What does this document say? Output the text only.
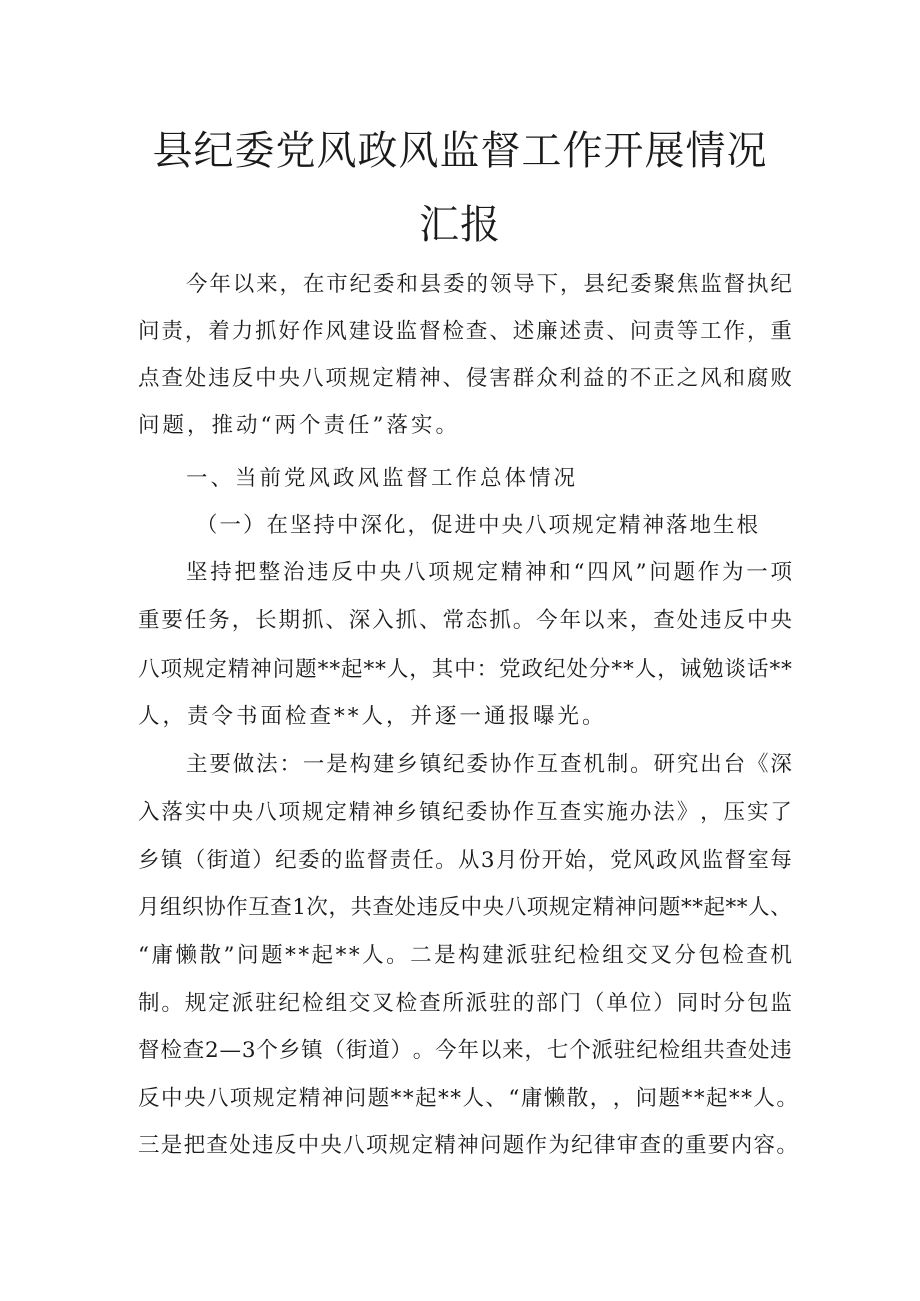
县纪委党风政风监督工作开展情况
汇报

今 年 以 来 ， 在 市 纪 委 和 县 委 的 领 导 下 ， 县 纪 委 聚 焦 监 督 执 纪

问 责 ， 着 力 抓 好 作 风 建 设 监 督 检 查 、 述 廉 述 责 、 问 责 等 工 作 ， 重

点 查 处 违 反 中 央 八 项 规 定 精 神 、 侵 害 群 众 利 益 的 不 正 之 风 和 腐 败

问题，推动“两个责任”落实。

一、当前党风政风监督工作总体情况

（一）在坚持中深化，促进中央八项规定精神落地生根

坚 持 把 整 治 违 反 中 央 八 项 规 定 精 神 和 “ 四 风 ” 问 题 作 为 一 项

重 要 任 务 ， 长 期 抓 、 深 入 抓 、 常 态 抓 。 今 年 以 来 ， 查 处 违 反 中 央

八 项 规 定 精 神 问 题 * * 起 * * 人 ， 其 中 ： 党 政 纪 处 分 * * 人 ， 诫 勉 谈 话 * *

人，责令书面检查**人，并逐一通报曝光。

主 要 做 法 ： 一 是 构 建 乡 镇 纪 委 协 作 互 查 机 制 。 研 究 出 台 《 深

入 落 实 中 央 八 项 规 定 精 神 乡 镇 纪 委 协 作 互 查 实 施 办 法 》 ， 压 实 了

乡 镇 （ 街 道 ） 纪 委 的 监 督 责 任 。 从 3 月 份 开 始 ， 党 风 政 风 监 督 室 每

月 组 织 协 作 互 查 1 次 ， 共 查 处 违 反 中 央 八 项 规 定 精 神 问 题 * * 起 * * 人 、

“ 庸 懒 散 ” 问 题 * * 起 * * 人 。 二 是 构 建 派 驻 纪 检 组 交 叉 分 包 检 查 机

制 。 规 定 派 驻 纪 检 组 交 叉 检 查 所 派 驻 的 部 门 （ 单 位 ） 同 时 分 包 监

督 检 查 2 — 3 个 乡 镇 （ 街 道 ） 。 今 年 以 来 ， 七 个 派 驻 纪 检 组 共 查 处 违

反 中 央 八 项 规 定 精 神 问 题 * * 起 * * 人 、 “ 庸 懒 散 ， ， 问 题 * * 起 * * 人 。

三 是 把 查 处 违 反 中 央 八 项 规 定 精 神 问 题 作 为 纪 律 审 查 的 重 要 内 容 。
